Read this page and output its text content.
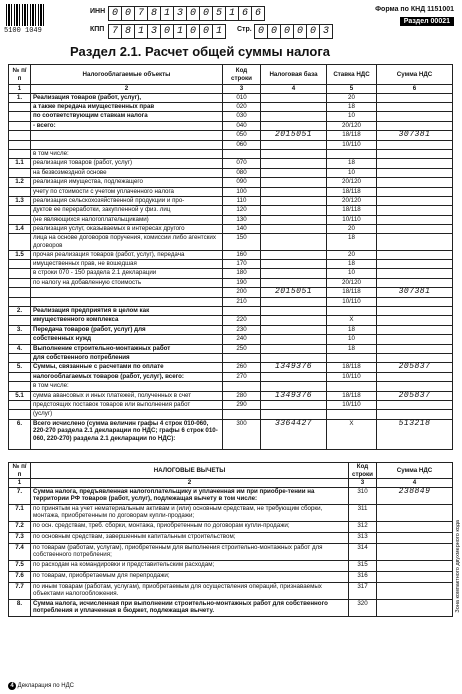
5100 1049
ИНН 0 0 7 8 1 3 0 0 5 1 6 6
КПП 7 8 1 3 0 1 0 0 1	Стр. 0 0 0 0 0 3
Форма по КНД 1151001
Раздел 00021
Раздел 2.1. Расчет общей суммы налога
№ п/п	Налогооблагаемые объекты	Код строки	Налоговая база	Ставка НДС	Сумма НДС
1	2	3	4	5	6
1.	Реализация товаров (работ, услуг),	010		20	
	а также передача имущественных прав	020		18	
	по соответствующим ставкам налога	030		10	
	- всего:	040		20/120	
		050	2015051	18/118	307381
		060		10/110	
	в том числе:				
1.1	реализация товаров (работ, услуг)	070		18	
	на безвозмездной основе	080		10	
1.2	реализация имущества, подлежащего	090		20/120	
	учету по стоимости с учетом уплаченного налога	100		18/118	
1.3	реализация сельскохозяйственной продукции и про-	110		20/120	
	дуктов ее переработки, закупленной у физ. лиц	120		18/118	
	(не являющихся налогоплательщиками)	130		10/110	
1.4	реализация услуг, оказываемых в интересах другого	140		20	
	лица на основе договоров поручения, комиссии либо агентских договоров	150		18	
1.5	прочая реализация товаров (работ, услуг), передача	160		20	
	имущественных прав, не вошедшая	170		18	
	в строки 070 - 150 раздела 2.1 декларации	180		10	
	по налогу на добавленную стоимость	190		20/120	
		200	2015051	18/118	307381
		210		10/110	
2.	Реализация предприятия в целом как				
	имущественного комплекса	220		X	
3.	Передача товаров (работ, услуг) для	230		18	
	собственных нужд	240		10	
4.	Выполнение строительно-монтажных работ	250		18	
	для собственного потребления				
5.	Суммы, связанные с расчетами по оплате	260	1349376	18/118	205837
	налогооблагаемых товаров (работ, услуг), всего:	270		10/110	
	в том числе:				
5.1	сумма авансовых и иных платежей, полученных в счет	280	1349376	18/118	205837
	предстоящих поставок товаров или выполнения работ	290		10/110	
	(услуг)				
6.	Всего исчислено (сумма величин графы 4 строк 010-060, 220-270 раздела 2.1 декларации по НДС; графы 6 строк 010-060, 220-270) раздела 2.1 декларации по НДС):	300	3364427	X	513218
№ п/п	НАЛОГОВЫЕ ВЫЧЕТЫ	Код строки	Сумма НДС
1	2	3	4
7.	Сумма налога, предъявленная налогоплательщику и уплаченная им при приобре-тении на территории РФ товаров (работ, услуг), подлежащая вычету в том числе:	310	238849
7.1	по принятым на учет нематериальным активам и (или) основным средствам, не требующим сборки, монтажа, приобретенным по договорам купли-продажи;	311	
7.2	по осн. средствам, треб. сборки, монтажа, приобретенным по договорам купли-продажи;	312	
7.3	по основным средствам, завершенным капитальным строительством;	313	
7.4	по товарам (работам, услугам), приобретенным для выполнения строительно-монтажных работ для собственного потребления;	314	
7.5	по расходам на командировки и представительским расходам;	315	
7.6	по товарам, приобретаемым для перепродажи;	316	
7.7	по иным товарам (работам, услугам), приобретаемым для осуществления операций, признаваемых объектами налогообложения.	317	
8.	Сумма налога, исчисленная при выполнении строительно-монтажных работ для собственного потребления и уплаченная в бюджет, подлежащая вычету.	320		Зона компактного двухмерного кода
4 Декларация по НДС
